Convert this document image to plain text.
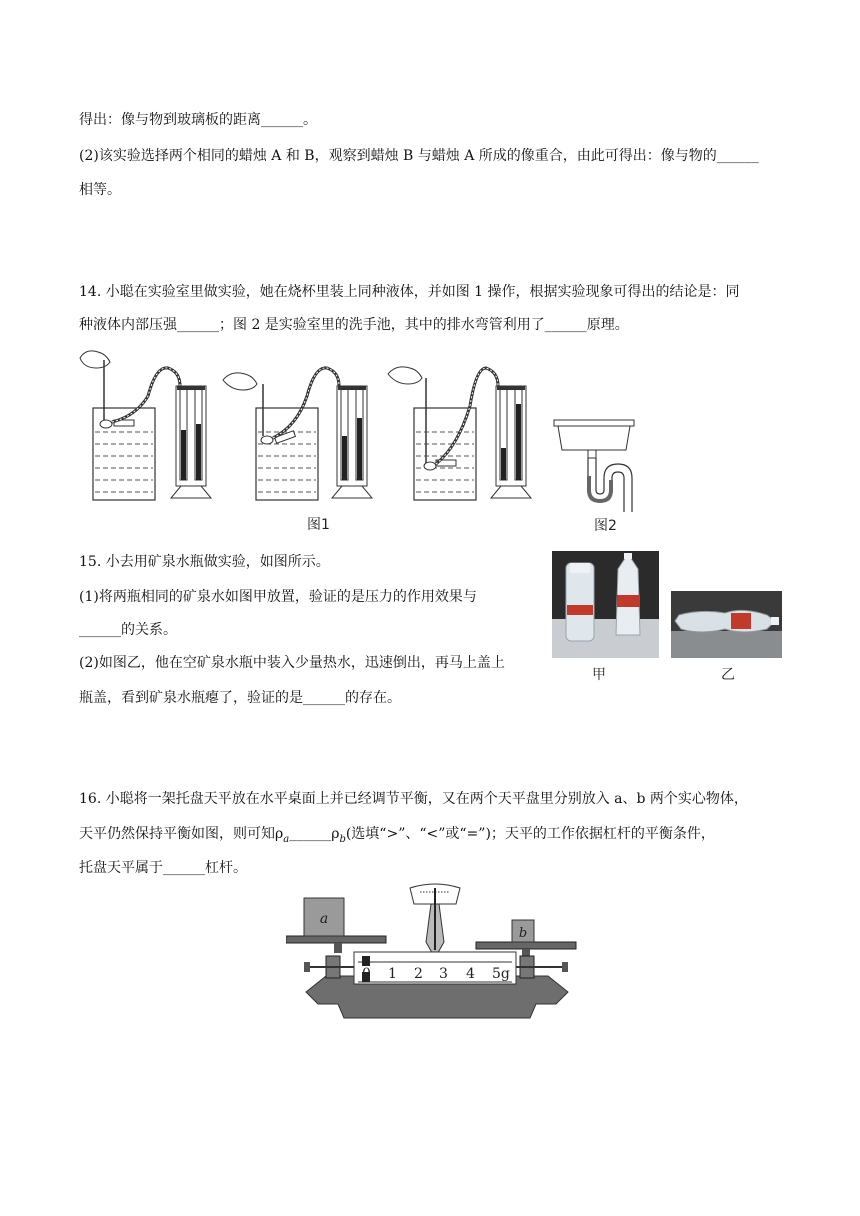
得出：像与物到玻璃板的距离______。
(2)该实验选择两个相同的蜡烛 A 和 B，观察到蜡烛 B 与蜡烛 A 所成的像重合，由此可得出：像与物的______
相等。
14. 小聪在实验室里做实验，她在烧杯里装上同种液体，并如图 1 操作，根据实验现象可得出的结论是：同
种液体内部压强______；图 2 是实验室里的洗手池，其中的排水弯管利用了______原理。
图1	图2
15. 小去用矿泉水瓶做实验，如图所示。
(1)将两瓶相同的矿泉水如图甲放置，验证的是压力的作用效果与
______的关系。
(2)如图乙，他在空矿泉水瓶中装入少量热水，迅速倒出，再马上盖上
瓶盖，看到矿泉水瓶瘪了，验证的是______的存在。
甲	乙
16. 小聪将一架托盘天平放在水平桌面上并已经调节平衡，又在两个天平盘里分别放入 a、b 两个实心物体，
天平仍然保持平衡如图，则可知$\rho_a\_\_\_\_\_\_\rho_b$(选填“>”、“<”或“=”)；天平的工作依据杠杆的平衡条件，
托盘天平属于______杠杆。
a
b
0 1 2 3 4 5g
